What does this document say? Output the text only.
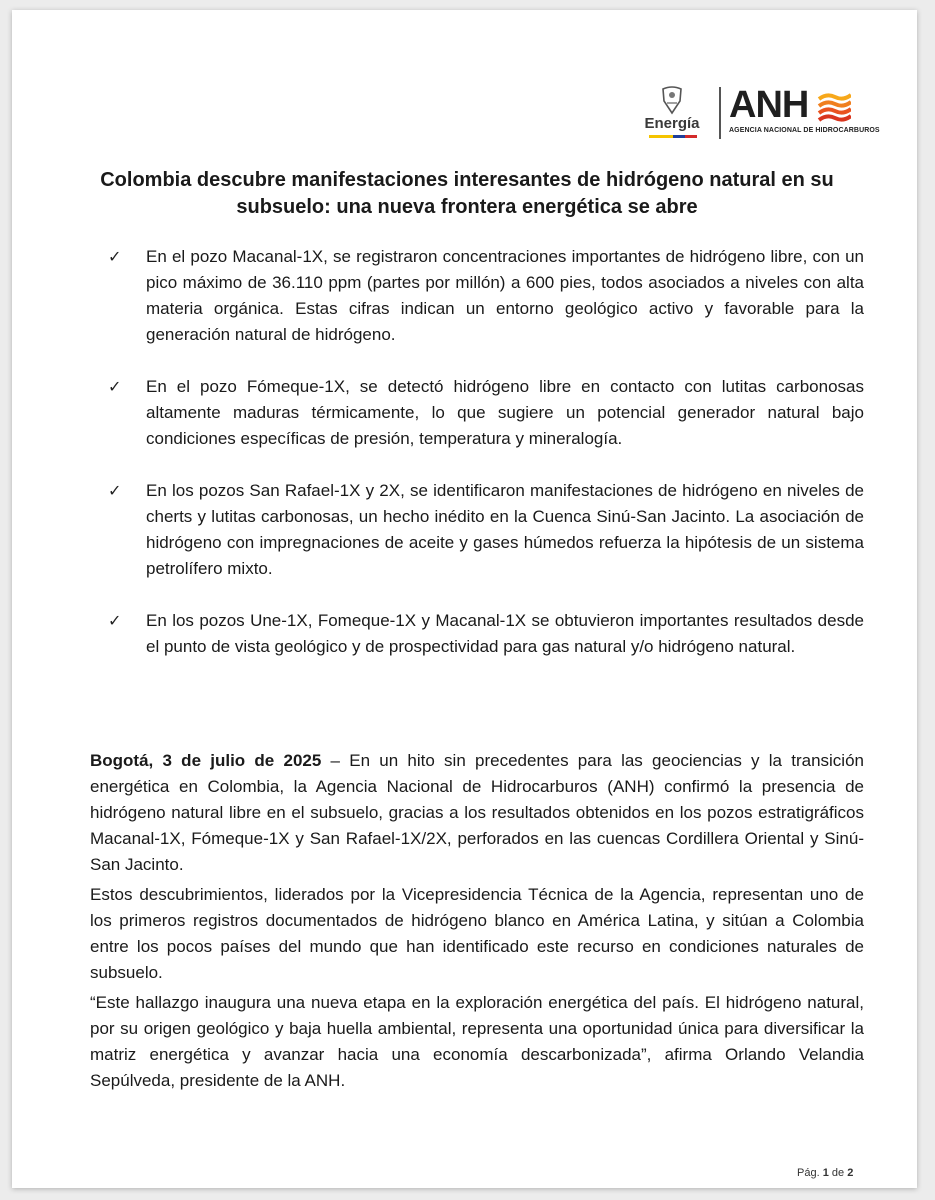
Energía ANH
AGENCIA NACIONAL DE HIDROCARBUROS
Colombia descubre manifestaciones interesantes de hidrógeno natural en su subsuelo: una nueva frontera energética se abre
✓ En el pozo Macanal-1X, se registraron concentraciones importantes de hidrógeno libre, con un pico máximo de 36.110 ppm (partes por millón) a 600 pies, todos asociados a niveles con alta materia orgánica. Estas cifras indican un entorno geológico activo y favorable para la generación natural de hidrógeno.
✓ En el pozo Fómeque-1X, se detectó hidrógeno libre en contacto con lutitas carbonosas altamente maduras térmicamente, lo que sugiere un potencial generador natural bajo condiciones específicas de presión, temperatura y mineralogía.
✓ En los pozos San Rafael-1X y 2X, se identificaron manifestaciones de hidrógeno en niveles de cherts y lutitas carbonosas, un hecho inédito en la Cuenca Sinú-San Jacinto. La asociación de hidrógeno con impregnaciones de aceite y gases húmedos refuerza la hipótesis de un sistema petrolífero mixto.
✓ En los pozos Une-1X, Fomeque-1X y Macanal-1X se obtuvieron importantes resultados desde el punto de vista geológico y de prospectividad para gas natural y/o hidrógeno natural.

Bogotá, 3 de julio de 2025 – En un hito sin precedentes para las geociencias y la transición energética en Colombia, la Agencia Nacional de Hidrocarburos (ANH) confirmó la presencia de hidrógeno natural libre en el subsuelo, gracias a los resultados obtenidos en los pozos estratigráficos Macanal-1X, Fómeque-1X y San Rafael-1X/2X, perforados en las cuencas Cordillera Oriental y Sinú-San Jacinto.

Estos descubrimientos, liderados por la Vicepresidencia Técnica de la Agencia, representan uno de los primeros registros documentados de hidrógeno blanco en América Latina, y sitúan a Colombia entre los pocos países del mundo que han identificado este recurso en condiciones naturales de subsuelo.

“Este hallazgo inaugura una nueva etapa en la exploración energética del país. El hidrógeno natural, por su origen geológico y baja huella ambiental, representa una oportunidad única para diversificar la matriz energética y avanzar hacia una economía descarbonizada”, afirma Orlando Velandia Sepúlveda, presidente de la ANH.

Pág. 1 de 2
